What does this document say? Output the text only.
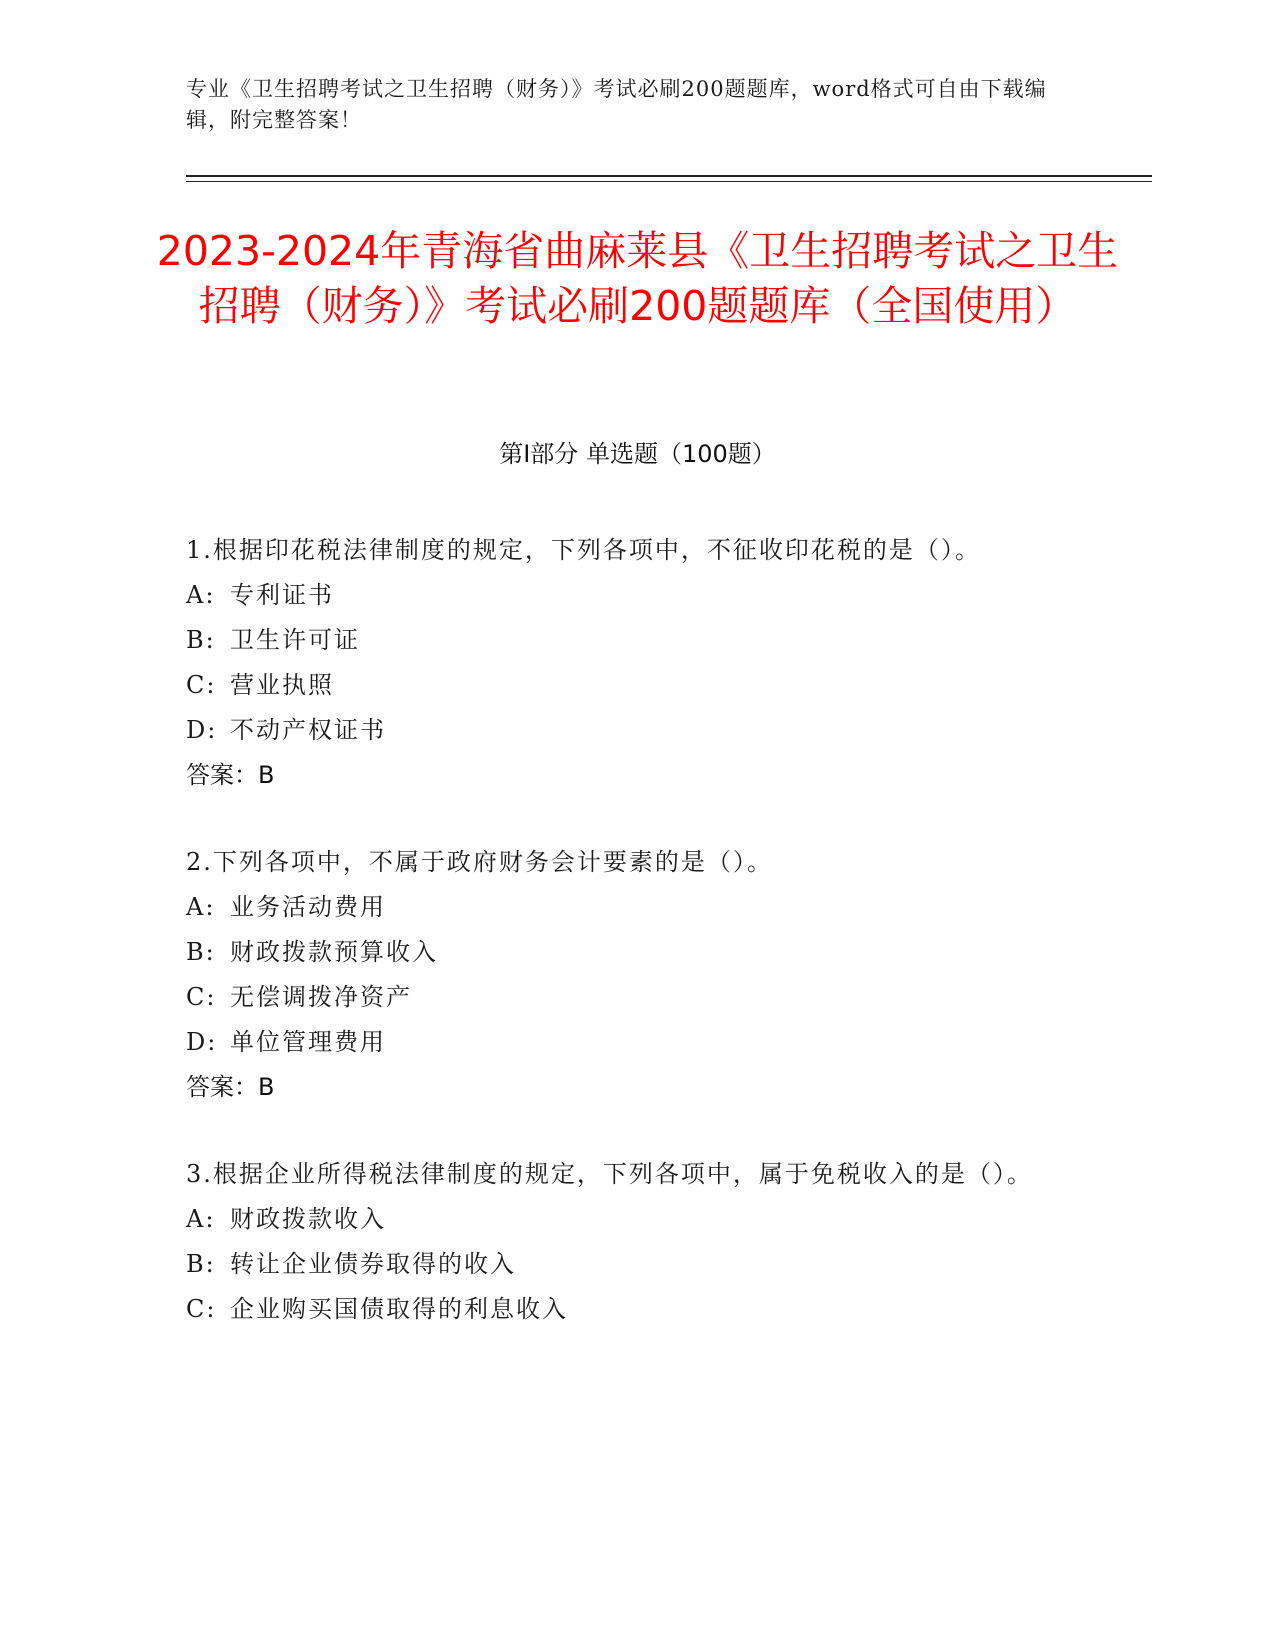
专业《卫生招聘考试之卫生招聘（财务）》考试必刷200题题库，word格式可自由下载编辑，附完整答案！
2023-2024年青海省曲麻莱县《卫生招聘考试之卫生招聘（财务）》考试必刷200题题库（全国使用）
第Ⅰ部分 单选题（100题）

1.根据印花税法律制度的规定，下列各项中，不征收印花税的是（）。

A: 专利证书

B: 卫生许可证

C: 营业执照

D: 不动产权证书

答案：B

2.下列各项中，不属于政府财务会计要素的是（）。

A: 业务活动费用

B: 财政拨款预算收入

C: 无偿调拨净资产

D: 单位管理费用

答案：B

3.根据企业所得税法律制度的规定，下列各项中，属于免税收入的是（）。

A: 财政拨款收入

B: 转让企业债券取得的收入

C: 企业购买国债取得的利息收入
